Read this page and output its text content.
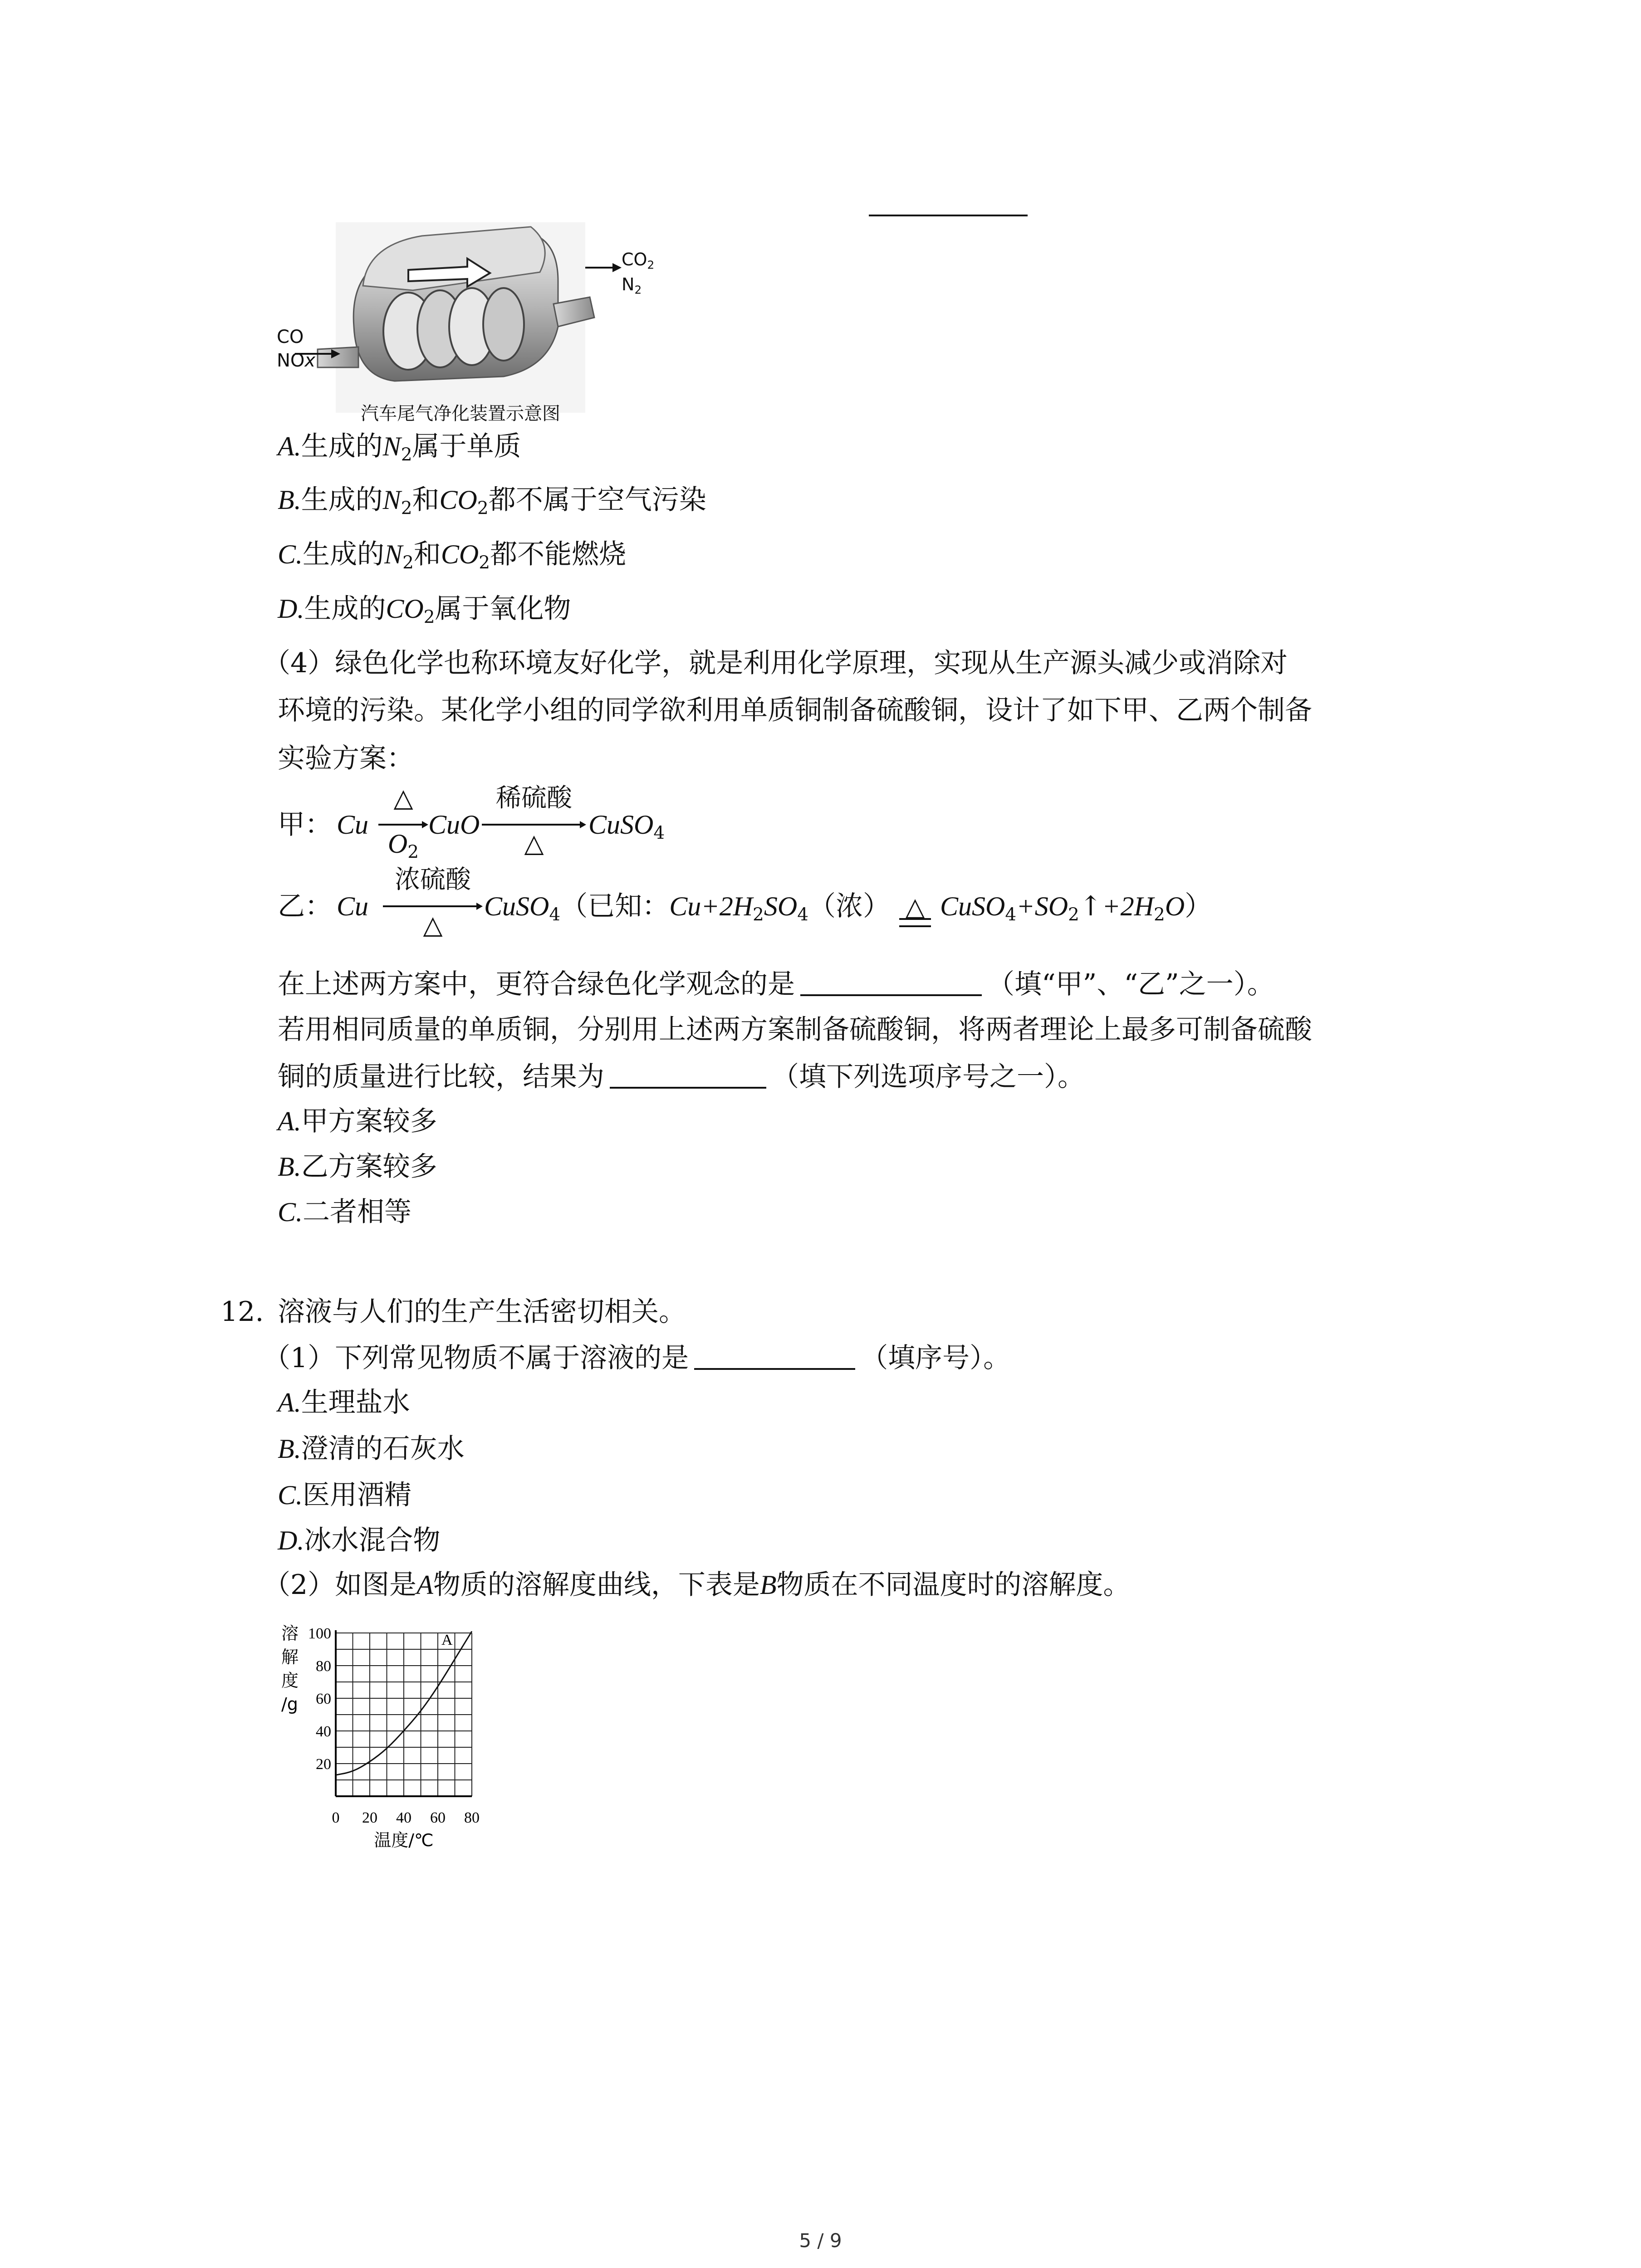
CO
NOx
$CO_2$
$N_2$
汽车尾气净化装置示意图
A.生成的$N_2$属于单质
B.生成的$N_2$和$CO_2$都不属于空气污染
C.生成的$N_2$和$CO_2$都不能燃烧
D.生成的$CO_2$属于氧化物
（4）绿色化学也称环境友好化学，就是利用化学原理，实现从生产源头减少或消除对
环境的污染。某化学小组的同学欲利用单质铜制备硫酸铜，设计了如下甲、乙两个制备
实验方案：
甲： Cu
△
$O_2$
CuO
稀硫酸
△
CuSO$_4$
乙： Cu
浓硫酸
△
CuSO$_4$（已知：$Cu+2H_2SO_4$（浓） △ $CuSO_4+SO_2↑+2H_2O$）
在上述两方案中，更符合绿色化学观念的是	（填“甲”、“乙”之一）。
若用相同质量的单质铜，分别用上述两方案制备硫酸铜，将两者理论上最多可制备硫酸
铜的质量进行比较，结果为	（填下列选项序号之一）。
A.甲方案较多
B.乙方案较多
C.二者相等
12. 溶液与人们的生产生活密切相关。
（1）下列常见物质不属于溶液的是	（填序号）。
A.生理盐水
B.澄清的石灰水
C.医用酒精
D.冰水混合物
（2）如图是A物质的溶解度曲线，下表是B物质在不同温度时的溶解度。
20
40
60
80
100
0 20 40 60 80
溶
解
度
/g
温度/℃
A
5 / 9
